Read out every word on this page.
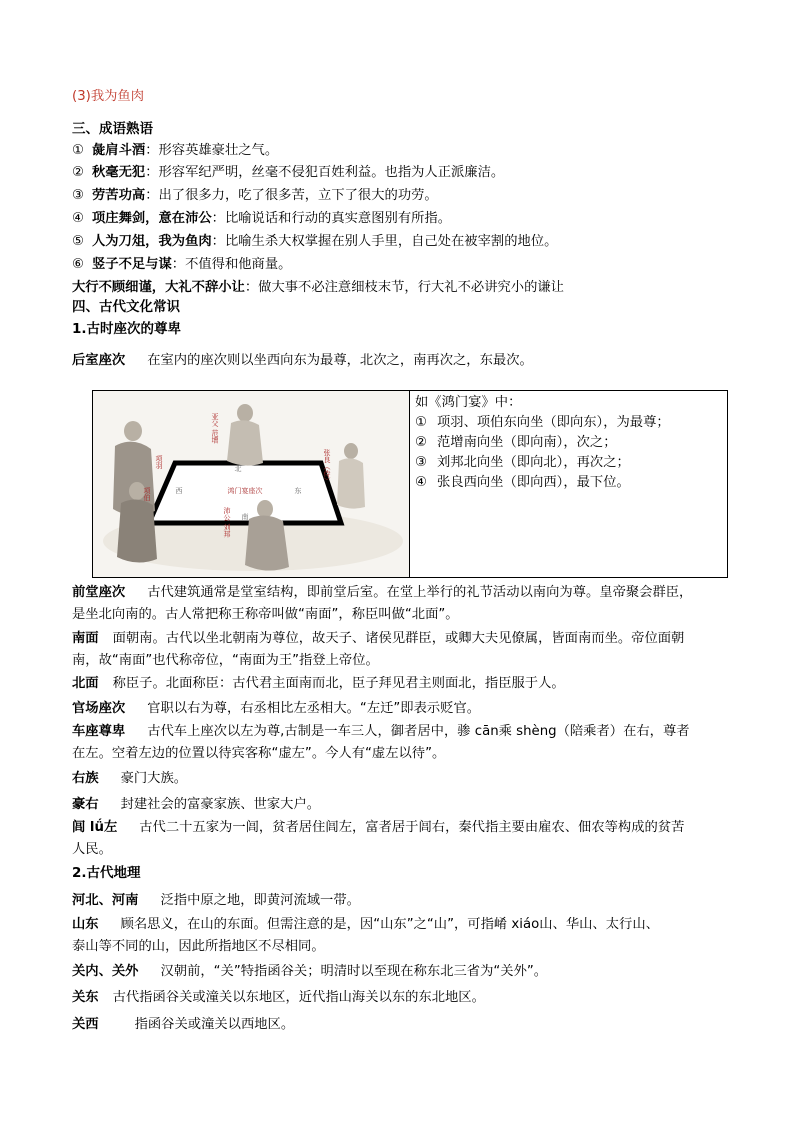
(3)我为鱼肉
三、成语熟语
① 彘肩斗酒：形容英雄豪壮之气。
② 秋毫无犯：形容军纪严明，丝毫不侵犯百姓利益。也指为人正派廉洁。
③ 劳苦功高：出了很多力，吃了很多苦，立下了很大的功劳。
④ 项庄舞剑，意在沛公：比喻说话和行动的真实意图别有所指。
⑤ 人为刀俎，我为鱼肉：比喻生杀大权掌握在别人手里，自己处在被宰割的地位。
⑥ 竖子不足与谋：不值得和他商量。
大行不顾细谨，大礼不辞小让：做大事不必注意细枝末节，行大礼不必讲究小的谦让
四、古代文化常识
1.古时座次的尊卑
后室座次 在室内的座次则以坐西向东为最尊，北次之，南再次之，东最次。
鸿门宴座次
北
南
西	东
亚父 范增
项羽
项伯
张良（侍）
沛公 刘邦
如《鸿门宴》中：
① 项羽、项伯东向坐（即向东），为最尊；
② 范增南向坐（即向南），次之；
③ 刘邦北向坐（即向北），再次之；
④ 张良西向坐（即向西），最下位。
前堂座次 古代建筑通常是堂室结构，即前堂后室。在堂上举行的礼节活动以南向为尊。皇帝聚会群臣，
是坐北向南的。古人常把称王称帝叫做“南面”，称臣叫做“北面”。
南面 面朝南。古代以坐北朝南为尊位，故天子、诸侯见群臣，或卿大夫见僚属，皆面南而坐。帝位面朝
南，故“南面”也代称帝位，“南面为王”指登上帝位。
北面 称臣子。北面称臣：古代君主面南而北，臣子拜见君主则面北，指臣服于人。
官场座次 官职以右为尊，右丞相比左丞相大。“左迁”即表示贬官。
车座尊卑 古代车上座次以左为尊,古制是一车三人，御者居中，骖 cān乘 shèng（陪乘者）在右，尊者
在左。空着左边的位置以待宾客称“虚左”。今人有“虚左以待”。
右族 豪门大族。
豪右 封建社会的富豪家族、世家大户。
闾 lǘ左 古代二十五家为一闾，贫者居住闾左，富者居于闾右，秦代指主要由雇农、佃农等构成的贫苦
人民。
2.古代地理
河北、河南 泛指中原之地，即黄河流域一带。
山东 顾名思义，在山的东面。但需注意的是，因“山东”之“山”，可指崤 xiáo山、华山、太行山、
泰山等不同的山，因此所指地区不尽相同。
关内、关外 汉朝前，“关”特指函谷关；明清时以至现在称东北三省为“关外”。
关东 古代指函谷关或潼关以东地区，近代指山海关以东的东北地区。
关西	指函谷关或潼关以西地区。
